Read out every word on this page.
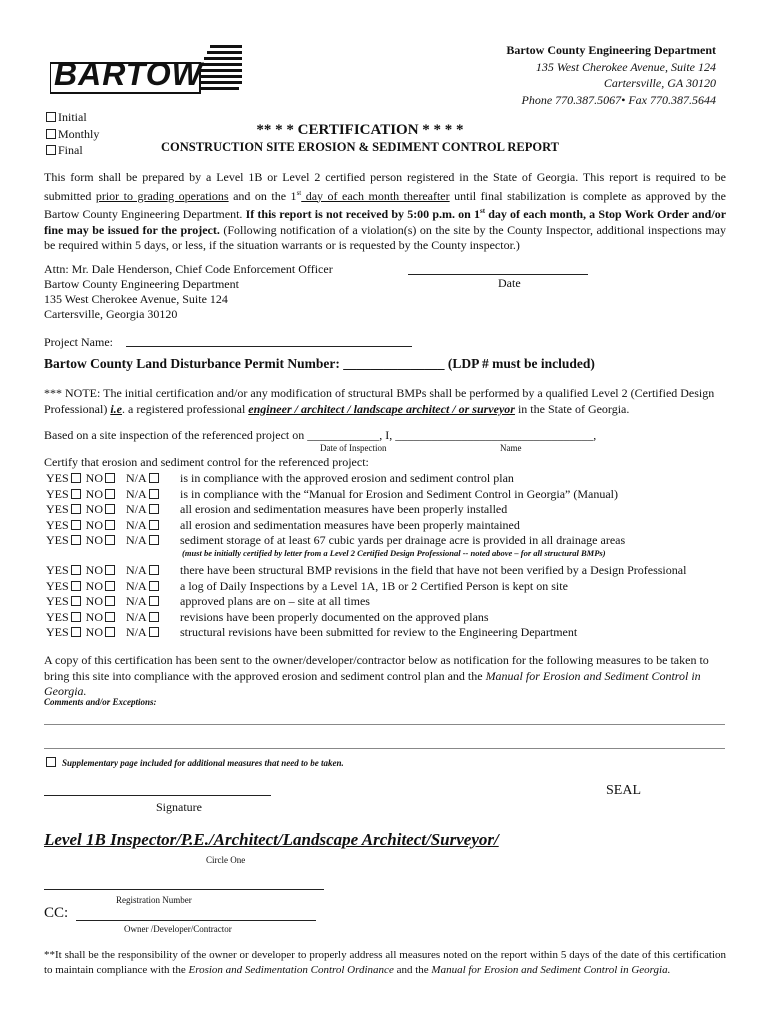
BARTOW
Bartow County Engineering Department
135 West Cherokee Avenue, Suite 124
Cartersville, GA 30120
Phone 770.387.5067• Fax 770.387.5644
Initial
Monthly
Final
** * * CERTIFICATION * * * *
CONSTRUCTION SITE EROSION & SEDIMENT CONTROL REPORT
This form shall be prepared by a Level 1B or Level 2 certified person registered in the State of Georgia. This report is required to be submitted prior to grading operations and on the 1st day of each month thereafter until final stabilization is complete as approved by the Bartow County Engineering Department. If this report is not received by 5:00 p.m. on 1st day of each month, a Stop Work Order and/or fine may be issued for the project. (Following notification of a violation(s) on the site by the County Inspector, additional inspections may be required within 5 days, or less, if the situation warrants or is requested by the County inspector.)
Attn: Mr. Dale Henderson, Chief Code Enforcement Officer
Bartow County Engineering Department
135 West Cherokee Avenue, Suite 124
Cartersville, Georgia 30120
Date
Project Name:
Bartow County Land Disturbance Permit Number: _______________ (LDP # must be included)
*** NOTE: The initial certification and/or any modification of structural BMPs shall be performed by a qualified Level 2 (Certified Design Professional) i.e. a registered professional engineer / architect / landscape architect / or surveyor in the State of Georgia.
Based on a site inspection of the referenced project on ____________, I, _________________________________,
Date of Inspection	Name
Certify that erosion and sediment control for the referenced project:
YES NO N/A	is in compliance with the approved erosion and sediment control plan
YES NO N/A	is in compliance with the “Manual for Erosion and Sediment Control in Georgia” (Manual)
YES NO N/A	all erosion and sedimentation measures have been properly installed
YES NO N/A	all erosion and sedimentation measures have been properly maintained
YES NO N/A	sediment storage of at least 67 cubic yards per drainage acre is provided in all drainage areas
(must be initially certified by letter from a Level 2 Certified Design Professional -- noted above – for all structural BMPs)
YES NO N/A	there have been structural BMP revisions in the field that have not been verified by a Design Professional
YES NO N/A	a log of Daily Inspections by a Level 1A, 1B or 2 Certified Person is kept on site
YES NO N/A	approved plans are on – site at all times
YES NO N/A	revisions have been properly documented on the approved plans
YES NO N/A	structural revisions have been submitted for review to the Engineering Department
A copy of this certification has been sent to the owner/developer/contractor below as notification for the following measures to be taken to bring this site into compliance with the approved erosion and sediment control plan and the Manual for Erosion and Sediment Control in Georgia.
Comments and/or Exceptions:
Supplementary page included for additional measures that need to be taken.
Signature
SEAL
Level 1B Inspector/P.E./Architect/Landscape Architect/Surveyor/
Circle One
Registration Number
CC:
Owner /Developer/Contractor
**It shall be the responsibility of the owner or developer to properly address all measures noted on the report within 5 days of the date of this certification to maintain compliance with the Erosion and Sedimentation Control Ordinance and the Manual for Erosion and Sediment Control in Georgia.
